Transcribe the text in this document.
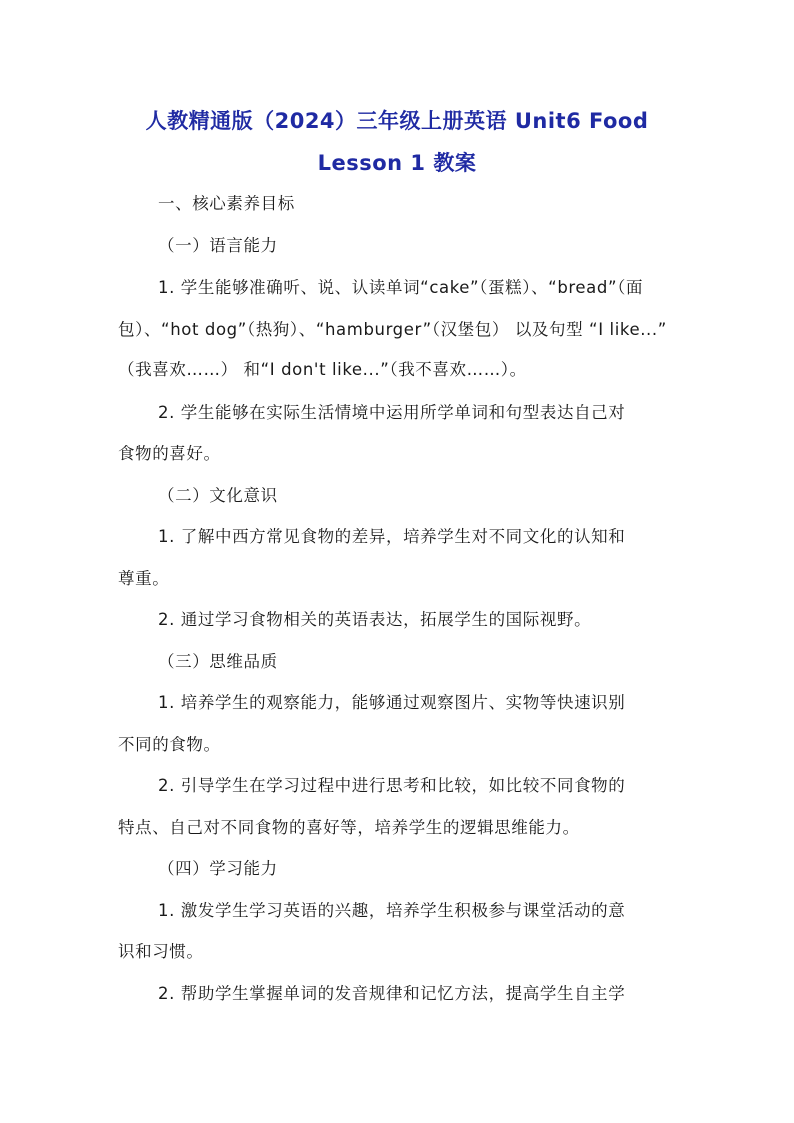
人教精通版（2024）三年级上册英语 Unit6 Food
Lesson 1 教案
一、核心素养目标
（一）语言能力
1. 学生能够准确听、说、认读单词“cake”（蛋糕）、“bread”（面
包）、“hot dog”（热狗）、“hamburger”（汉堡包） 以及句型 “I like...”
（我喜欢……） 和“I don't like...”（我不喜欢……）。
2. 学生能够在实际生活情境中运用所学单词和句型表达自己对
食物的喜好。
（二）文化意识
1. 了解中西方常见食物的差异，培养学生对不同文化的认知和
尊重。
2. 通过学习食物相关的英语表达，拓展学生的国际视野。
（三）思维品质
1. 培养学生的观察能力，能够通过观察图片、实物等快速识别
不同的食物。
2. 引导学生在学习过程中进行思考和比较，如比较不同食物的
特点、自己对不同食物的喜好等，培养学生的逻辑思维能力。
（四）学习能力
1. 激发学生学习英语的兴趣，培养学生积极参与课堂活动的意
识和习惯。
2. 帮助学生掌握单词的发音规律和记忆方法，提高学生自主学
